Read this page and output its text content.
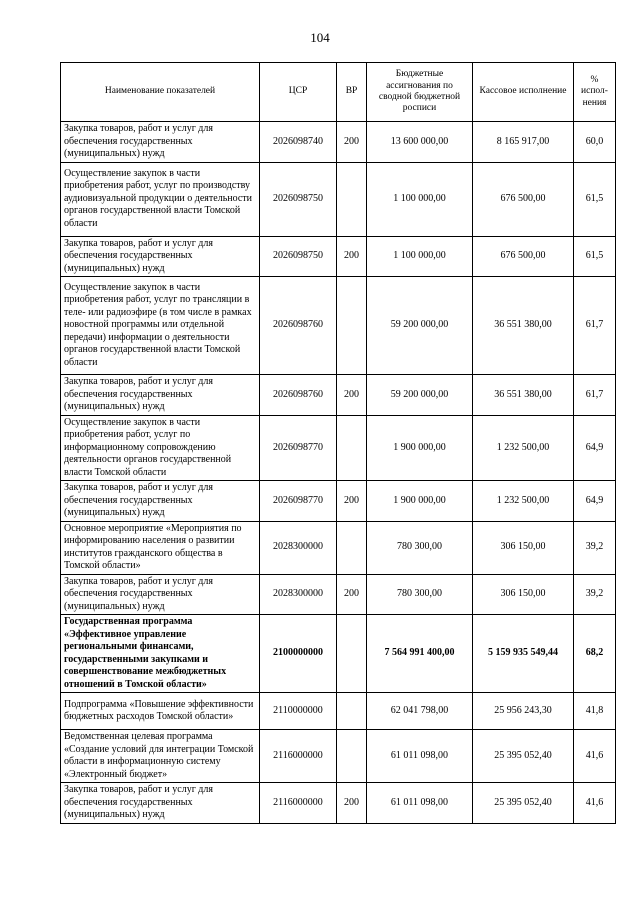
104
Наименование показателей	ЦСР	ВР	Бюджетные ассигнования по сводной бюджетной росписи	Кассовое исполнение	% испол-нения
Закупка товаров, работ и услуг для обеспечения государственных (муниципальных) нужд	2026098740	200	13 600 000,00	8 165 917,00	60,0
Осуществление закупок в части приобретения работ, услуг по производству аудиовизуальной продукции о деятельности органов государственной власти Томской области	2026098750		1 100 000,00	676 500,00	61,5
Закупка товаров, работ и услуг для обеспечения государственных (муниципальных) нужд	2026098750	200	1 100 000,00	676 500,00	61,5
Осуществление закупок в части приобретения работ, услуг по трансляции в теле- или радиоэфире (в том числе в рамках новостной программы или отдельной передачи) информации о деятельности органов государственной власти Томской области	2026098760		59 200 000,00	36 551 380,00	61,7
Закупка товаров, работ и услуг для обеспечения государственных (муниципальных) нужд	2026098760	200	59 200 000,00	36 551 380,00	61,7
Осуществление закупок в части приобретения работ, услуг по информационному сопровождению деятельности органов государственной власти Томской области	2026098770		1 900 000,00	1 232 500,00	64,9
Закупка товаров, работ и услуг для обеспечения государственных (муниципальных) нужд	2026098770	200	1 900 000,00	1 232 500,00	64,9
Основное мероприятие «Мероприятия по информированию населения о развитии институтов гражданского общества в Томской области»	2028300000		780 300,00	306 150,00	39,2
Закупка товаров, работ и услуг для обеспечения государственных (муниципальных) нужд	2028300000	200	780 300,00	306 150,00	39,2
Государственная программа «Эффективное управление региональными финансами, государственными закупками и совершенствование межбюджетных отношений в Томской области»	2100000000		7 564 991 400,00	5 159 935 549,44	68,2
Подпрограмма «Повышение эффективности бюджетных расходов Томской области»	2110000000		62 041 798,00	25 956 243,30	41,8
Ведомственная целевая программа «Создание условий для интеграции Томской области в информационную систему «Электронный бюджет»	2116000000		61 011 098,00	25 395 052,40	41,6
Закупка товаров, работ и услуг для обеспечения государственных (муниципальных) нужд	2116000000	200	61 011 098,00	25 395 052,40	41,6
